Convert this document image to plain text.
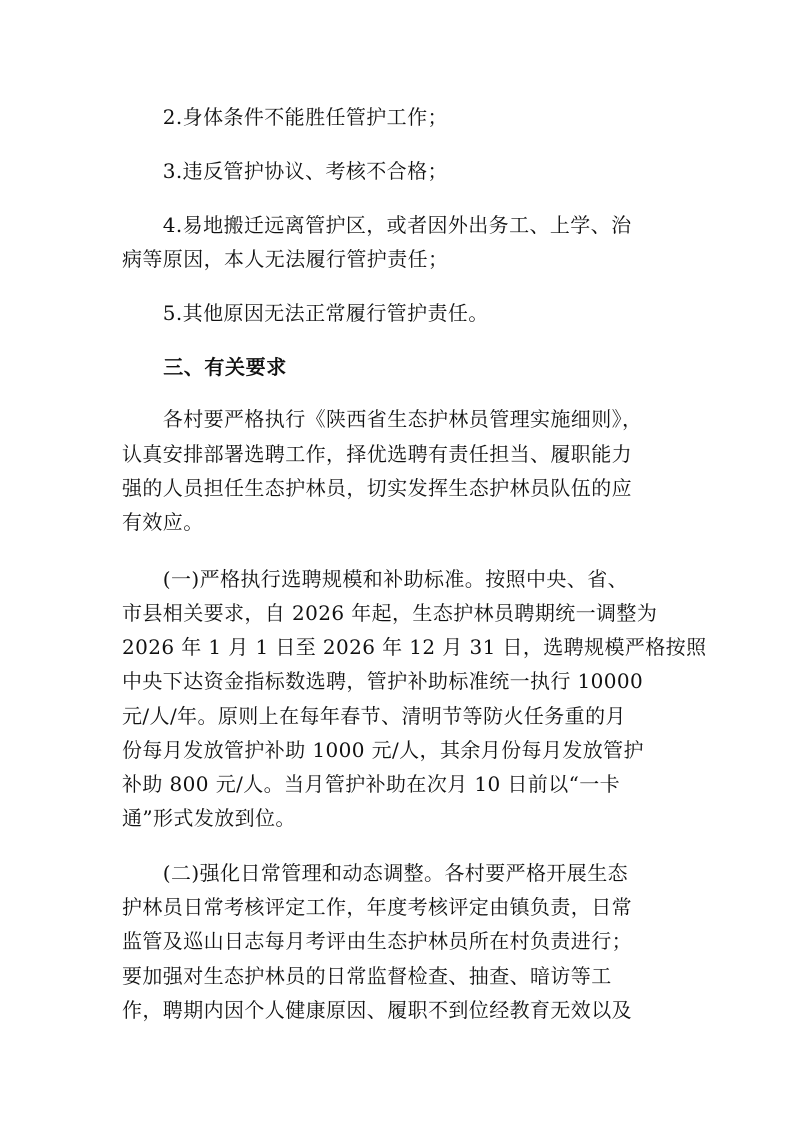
　　2.身体条件不能胜任管护工作；
　　3.违反管护协议、考核不合格；
　　4.易地搬迁远离管护区，或者因外出务工、上学、治
病等原因，本人无法履行管护责任；
　　5.其他原因无法正常履行管护责任。
　　三、有关要求
　　各村要严格执行《陕西省生态护林员管理实施细则》，
认真安排部署选聘工作，择优选聘有责任担当、履职能力
强的人员担任生态护林员，切实发挥生态护林员队伍的应
有效应。
　　(一)严格执行选聘规模和补助标准。按照中央、省、
市县相关要求，自 2026 年起，生态护林员聘期统一调整为
2026 年 1 月 1 日至 2026 年 12 月 31 日，选聘规模严格按照
中央下达资金指标数选聘，管护补助标准统一执行 10000
元/人/年。原则上在每年春节、清明节等防火任务重的月
份每月发放管护补助 1000 元/人，其余月份每月发放管护
补助 800 元/人。当月管护补助在次月 10 日前以“一卡
通”形式发放到位。
　　(二)强化日常管理和动态调整。各村要严格开展生态
护林员日常考核评定工作，年度考核评定由镇负责，日常
监管及巡山日志每月考评由生态护林员所在村负责进行；
要加强对生态护林员的日常监督检查、抽查、暗访等工
作，聘期内因个人健康原因、履职不到位经教育无效以及
